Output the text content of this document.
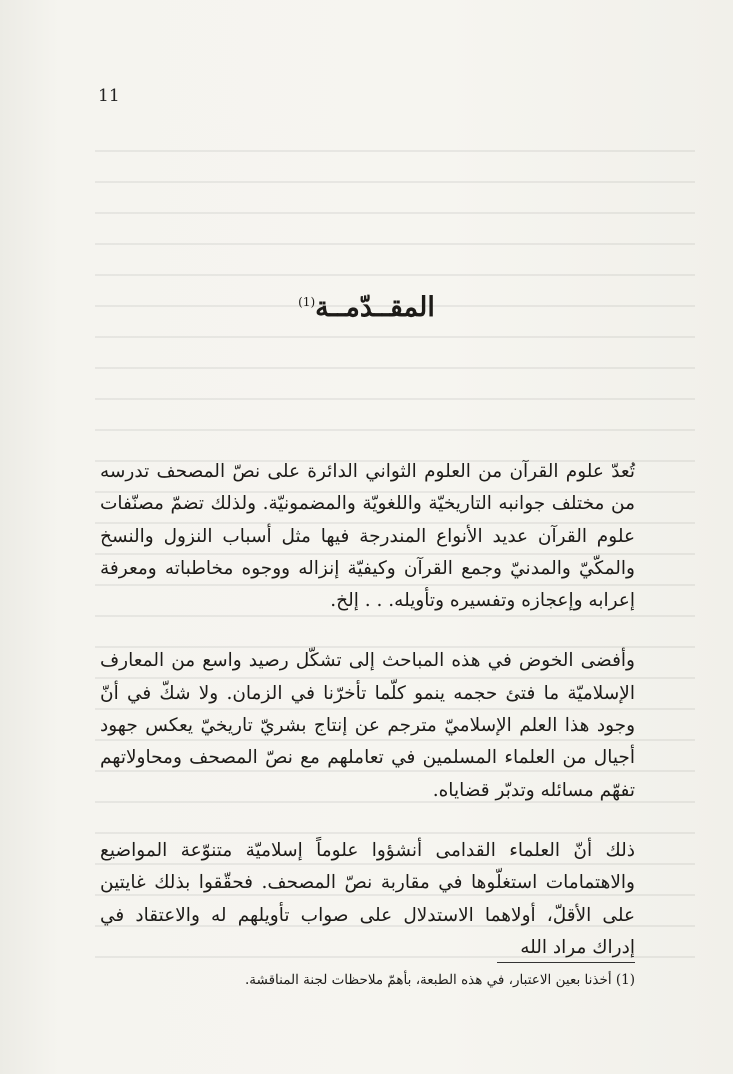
11
المقــدّمــة$^{(1)}$

تُعدّ علوم القرآن من العلوم الثواني الدائرة على نصّ المصحف تدرسه من مختلف جوانبه التاريخيّة واللغويّة والمضمونيّة. ولذلك تضمّ مصنّفات علوم القرآن عديد الأنواع المندرجة فيها مثل أسباب النزول والنسخ والمكّيّ والمدنيّ وجمع القرآن وكيفيّة إنزاله ووجوه مخاطباته ومعرفة إعرابه وإعجازه وتفسيره وتأويله. . . إلخ.

وأفضى الخوض في هذه المباحث إلى تشكّل رصيد واسع من المعارف الإسلاميّة ما فتئ حجمه ينمو كلّما تأخرّنا في الزمان. ولا شكّ في أنّ وجود هذا العلم الإسلاميّ مترجم عن إنتاج بشريّ تاريخيّ يعكس جهود أجيال من العلماء المسلمين في تعاملهم مع نصّ المصحف ومحاولاتهم تفهّم مسائله وتدبّر قضاياه.

ذلك أنّ العلماء القدامى أنشؤوا علوماً إسلاميّة متنوّعة المواضيع والاهتمامات استغلّوها في مقاربة نصّ المصحف. فحقّقوا بذلك غايتين على الأقلّ، أولاهما الاستدلال على صواب تأويلهم له والاعتقاد في إدراك مراد الله

(1) أخذنا بعين الاعتبار، في هذه الطبعة، بأهمّ ملاحظات لجنة المناقشة.
